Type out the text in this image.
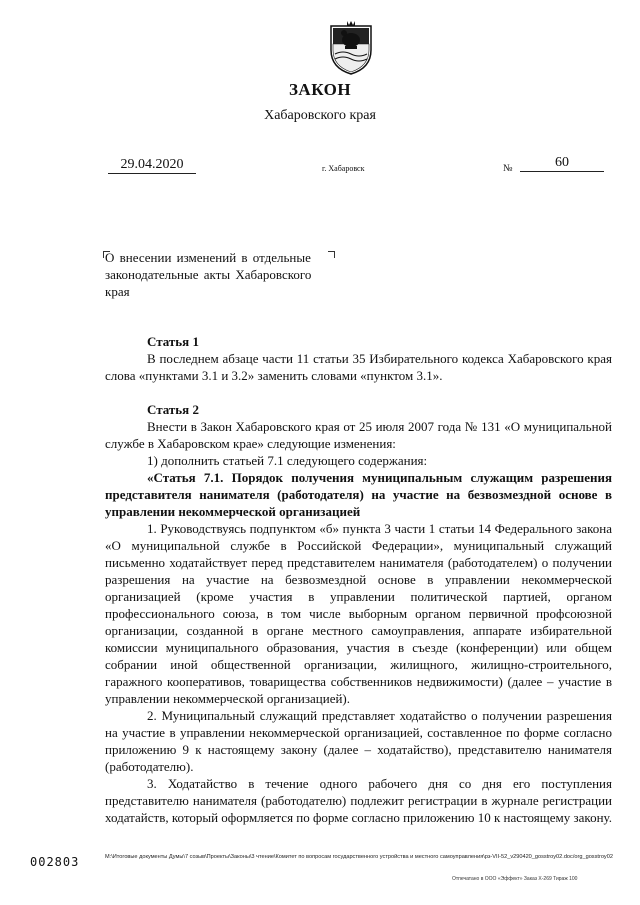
ЗАКОН
Хабаровского края
29.04.2020	г. Хабаровск	№	60
О внесении изменений в отдельные законодательные акты Хабаровского края

Статья 1

В последнем абзаце части 11 статьи 35 Избирательного кодекса Хабаровского края слова «пунктами 3.1 и 3.2» заменить словами «пунктом 3.1».

Статья 2

Внести в Закон Хабаровского края от 25 июля 2007 года № 131 «О муниципальной службе в Хабаровском крае» следующие изменения:

1) дополнить статьей 7.1 следующего содержания:

«Статья 7.1. Порядок получения муниципальным служащим разрешения представителя нанимателя (работодателя) на участие на безвозмездной основе в управлении некоммерческой организацией

1. Руководствуясь подпунктом «б» пункта 3 части 1 статьи 14 Федерального закона «О муниципальной службе в Российской Федерации», муниципальный служащий письменно ходатайствует перед представителем нанимателя (работодателем) о получении разрешения на участие на безвозмездной основе в управлении некоммерческой организацией (кроме участия в управлении политической партией, органом профессионального союза, в том числе выборным органом первичной профсоюзной организации, созданной в органе местного самоуправления, аппарате избирательной комиссии муниципального образования, участия в съезде (конференции) или общем собрании иной общественной организации, жилищного, жилищно-строительного, гаражного кооперативов, товарищества собственников недвижимости) (далее – участие в управлении некоммерческой организацией).

2. Муниципальный служащий представляет ходатайство о получении разрешения на участие в управлении некоммерческой организацией, составленное по форме согласно приложению 9 к настоящему закону (далее – ходатайство), представителю нанимателя (работодателю).

3. Ходатайство в течение одного рабочего дня со дня его поступления представителю нанимателя (работодателю) подлежит регистрации в журнале регистрации ходатайств, который оформляется по форме согласно приложению 10 к настоящему закону.

002803	M:\Итоговые документы Думы\7 созыв\Проекты\Законы\3 чтение\Комитет по вопросам государственного устройства и местного самоуправления\рз-VII-52_v290420_gosstroy02.doc/org_gosstroy02
Отпечатано в ООО «Эффект» Заказ Х-269 Тираж 100
